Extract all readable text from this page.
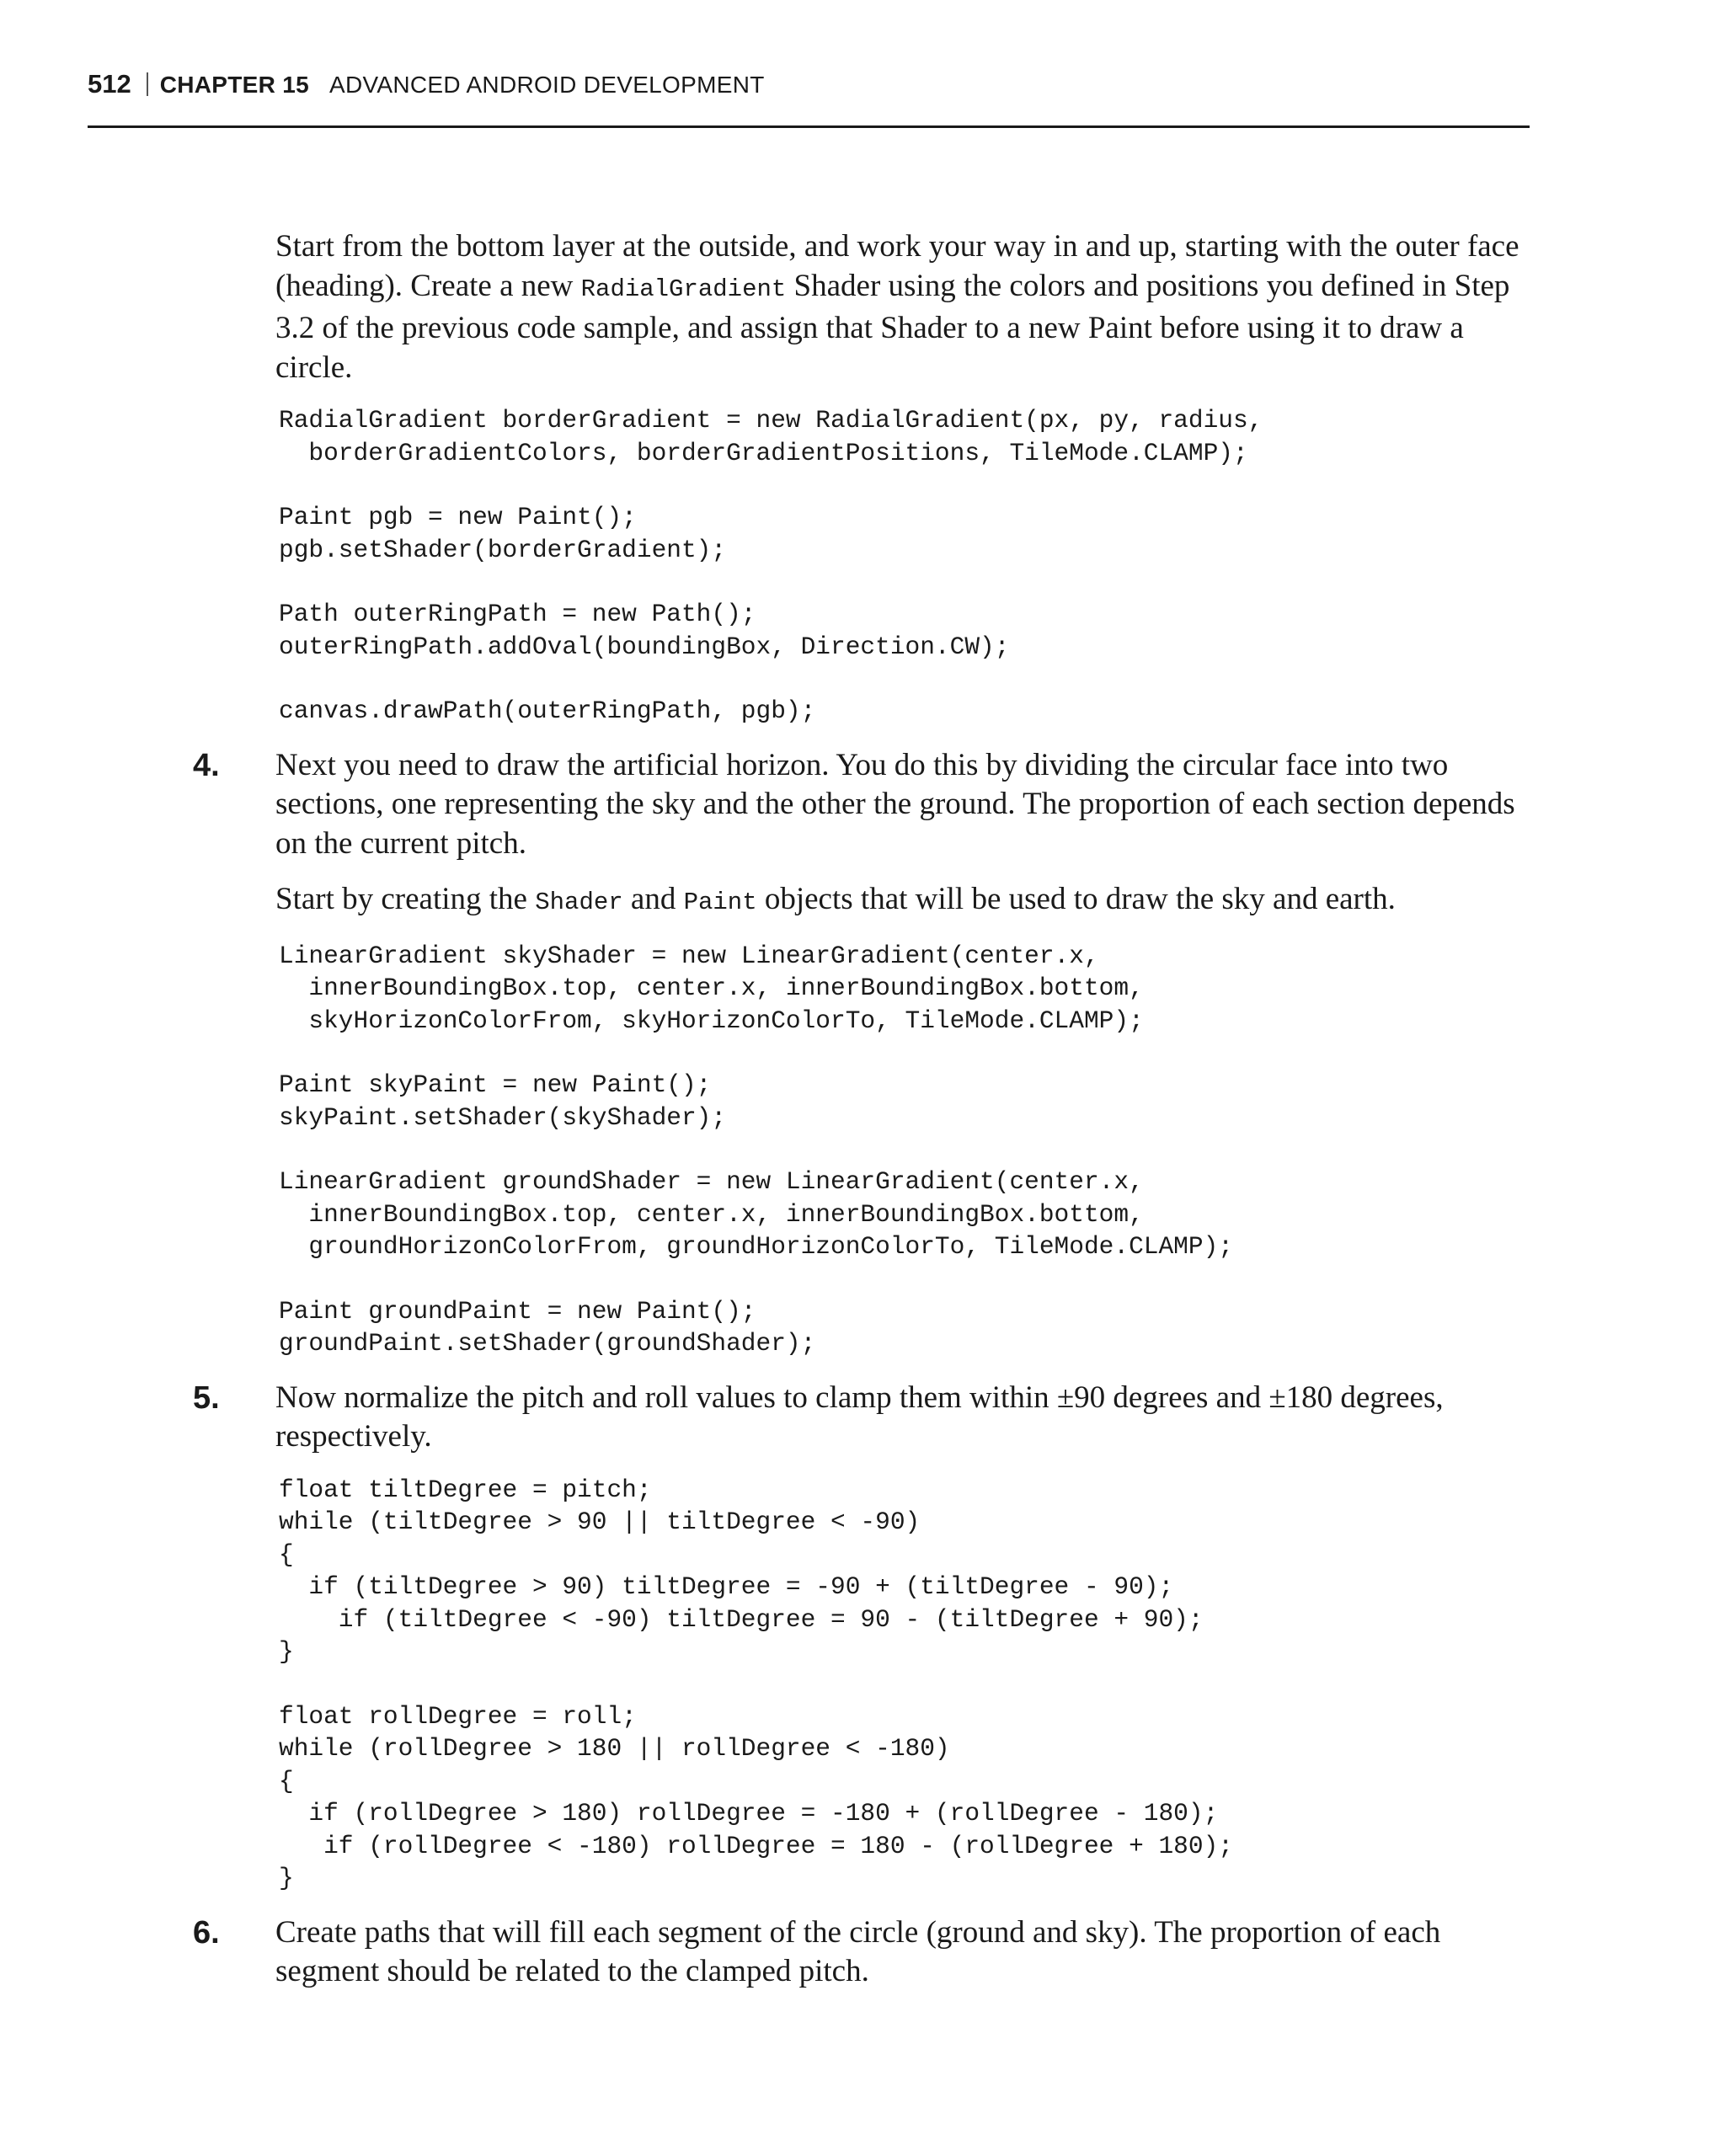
512 CHAPTER 15 ADVANCED ANDROID DEVELOPMENT

Start from the bottom layer at the outside, and work your way in and up, starting with the outer face (heading). Create a new RadialGradient Shader using the colors and positions you defined in Step 3.2 of the previous code sample, and assign that Shader to a new Paint before using it to draw a circle.

RadialGradient borderGradient = new RadialGradient(px, py, radius,
borderGradientColors, borderGradientPositions, TileMode.CLAMP);
Paint pgb = new Paint();
pgb.setShader(borderGradient);
Path outerRingPath = new Path();
outerRingPath.addOval(boundingBox, Direction.CW);
canvas.drawPath(outerRingPath, pgb);
4. Next you need to draw the artificial horizon. You do this by dividing the circular face into two sections, one representing the sky and the other the ground. The proportion of each section depends on the current pitch.

Start by creating the Shader and Paint objects that will be used to draw the sky and earth.

LinearGradient skyShader = new LinearGradient(center.x,
innerBoundingBox.top, center.x, innerBoundingBox.bottom,
skyHorizonColorFrom, skyHorizonColorTo, TileMode.CLAMP);
Paint skyPaint = new Paint();
skyPaint.setShader(skyShader);
LinearGradient groundShader = new LinearGradient(center.x,
innerBoundingBox.top, center.x, innerBoundingBox.bottom,
groundHorizonColorFrom, groundHorizonColorTo, TileMode.CLAMP);
Paint groundPaint = new Paint();
groundPaint.setShader(groundShader);
5. Now normalize the pitch and roll values to clamp them within ±90 degrees and ±180 degrees, respectively.

float tiltDegree = pitch;
while (tiltDegree > 90 || tiltDegree < -90)
{
if (tiltDegree > 90) tiltDegree = -90 + (tiltDegree - 90);
if (tiltDegree < -90) tiltDegree = 90 - (tiltDegree + 90);
}
float rollDegree = roll;
while (rollDegree > 180 || rollDegree < -180)
{
if (rollDegree > 180) rollDegree = -180 + (rollDegree - 180);
if (rollDegree < -180) rollDegree = 180 - (rollDegree + 180);
}
6. Create paths that will fill each segment of the circle (ground and sky). The proportion of each segment should be related to the clamped pitch.
